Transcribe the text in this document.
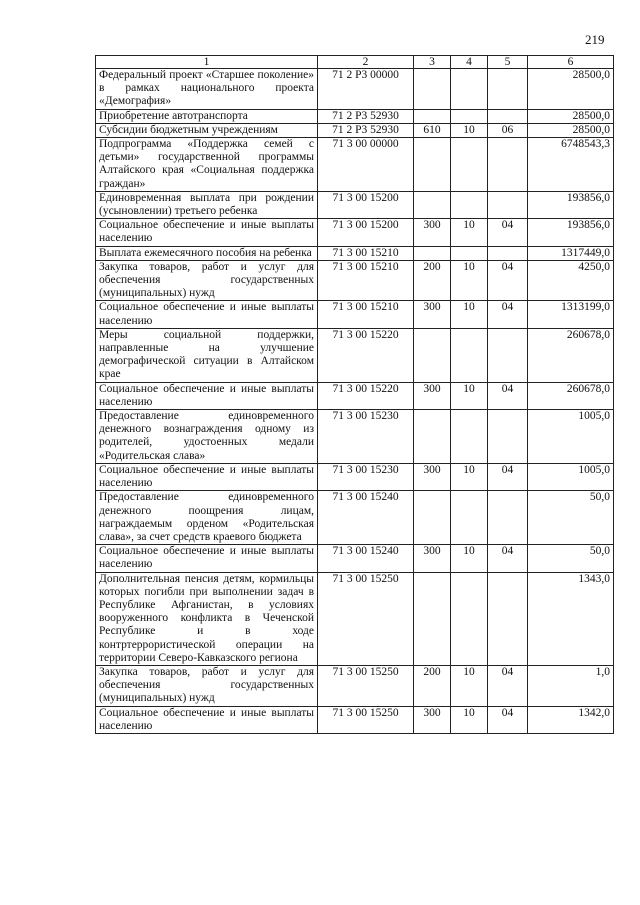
219
1	2	3	4	5	6
Федеральный проект «Старшее поколение» в рамках национального проекта «Демография»	71 2 P3 00000				28500,0
Приобретение автотранспорта	71 2 P3 52930				28500,0
Субсидии бюджетным учреждениям	71 2 P3 52930	610	10	06	28500,0
Подпрограмма «Поддержка семей с детьми» государственной программы Алтайского края «Социальная поддержка граждан»	71 3 00 00000				6748543,3
Единовременная выплата при рождении (усыновлении) третьего ребенка	71 3 00 15200				193856,0
Социальное обеспечение и иные выплаты населению	71 3 00 15200	300	10	04	193856,0
Выплата ежемесячного пособия на ребенка	71 3 00 15210				1317449,0
Закупка товаров, работ и услуг для обеспечения государственных (муниципальных) нужд	71 3 00 15210	200	10	04	4250,0
Социальное обеспечение и иные выплаты населению	71 3 00 15210	300	10	04	1313199,0
Меры социальной поддержки, направленные на улучшение демографической ситуации в Алтайском крае	71 3 00 15220				260678,0
Социальное обеспечение и иные выплаты населению	71 3 00 15220	300	10	04	260678,0
Предоставление единовременного денежного вознаграждения одному из родителей, удостоенных медали «Родительская слава»	71 3 00 15230				1005,0
Социальное обеспечение и иные выплаты населению	71 3 00 15230	300	10	04	1005,0
Предоставление единовременного денежного поощрения лицам, награждаемым орденом «Родительская слава», за счет средств краевого бюджета	71 3 00 15240				50,0
Социальное обеспечение и иные выплаты населению	71 3 00 15240	300	10	04	50,0
Дополнительная пенсия детям, кормильцы которых погибли при выполнении задач в Республике Афганистан, в условиях вооруженного конфликта в Чеченской Республике и в ходе контртеррористической операции на территории Северо-Кавказского региона	71 3 00 15250				1343,0
Закупка товаров, работ и услуг для обеспечения государственных (муниципальных) нужд	71 3 00 15250	200	10	04	1,0
Социальное обеспечение и иные выплаты населению	71 3 00 15250	300	10	04	1342,0
